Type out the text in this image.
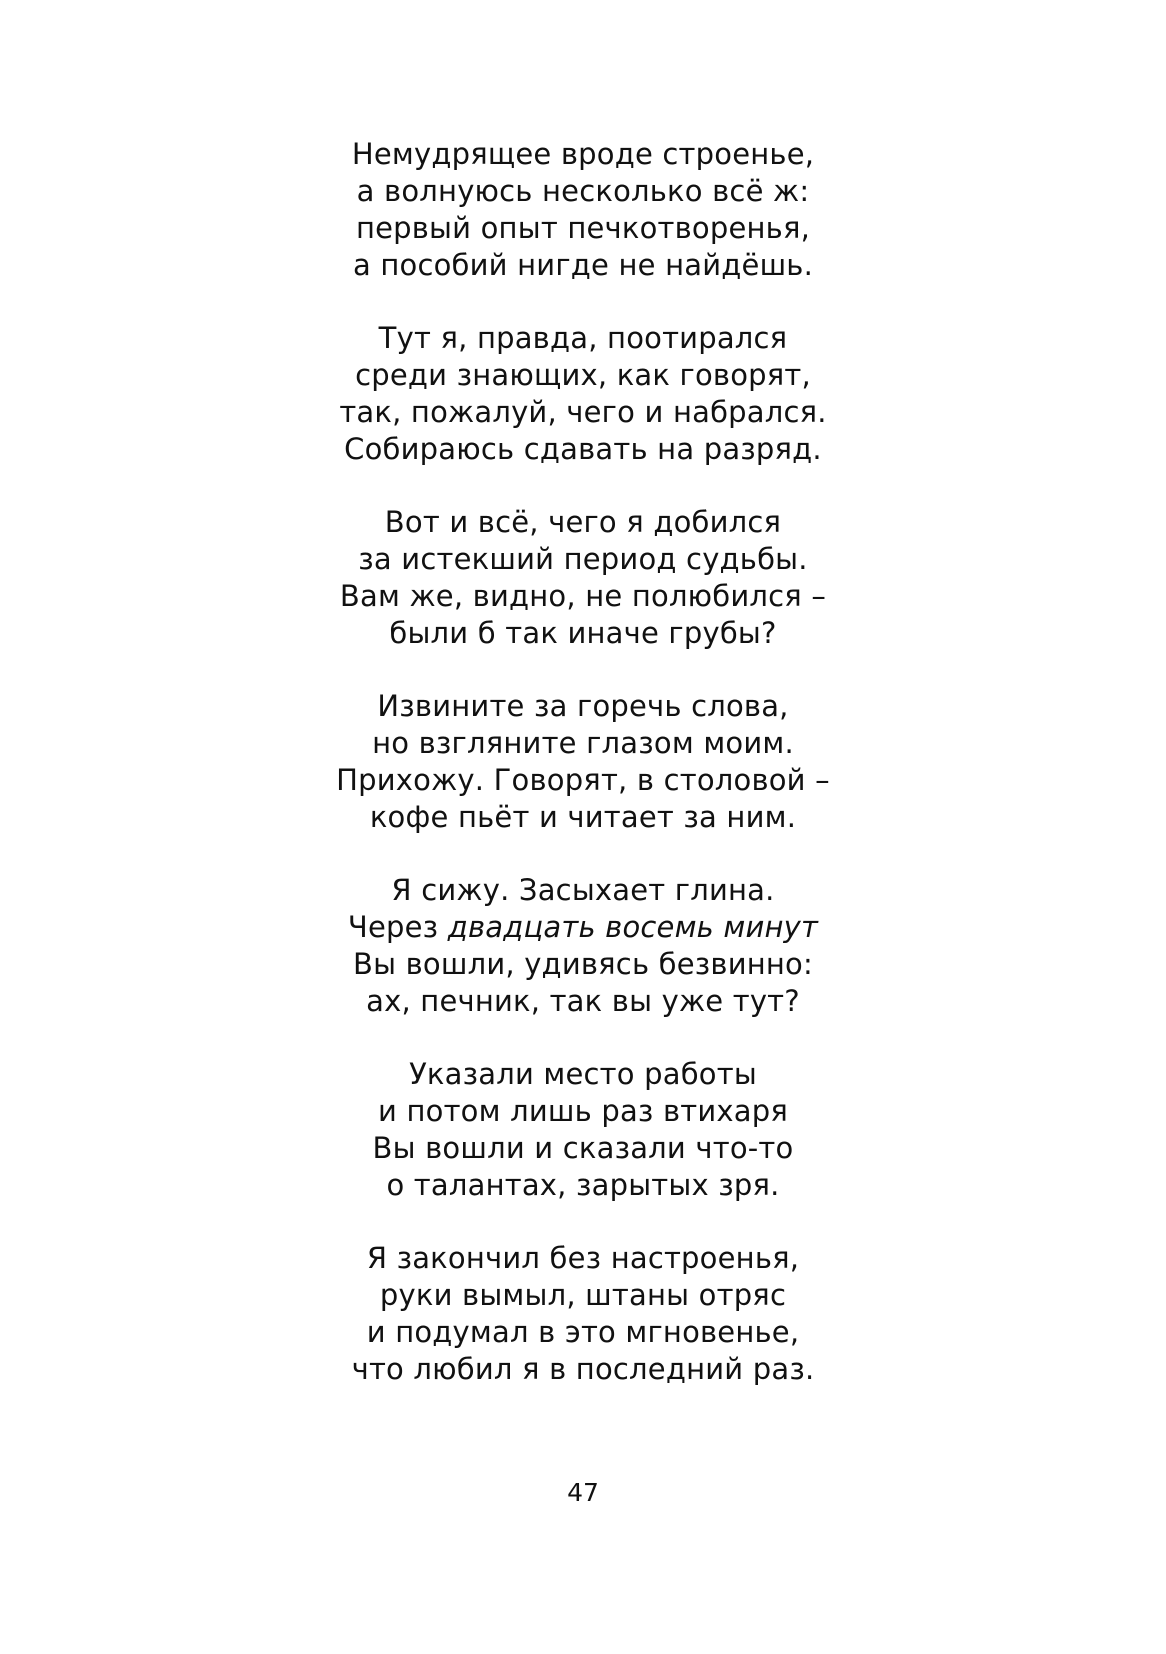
Немудрящее вроде строенье,
а волнуюсь несколько всё ж:
первый опыт печкотворенья,
а пособий нигде не найдёшь.
Тут я, правда, поотирался
среди знающих, как говорят,
так, пожалуй, чего и набрался.
Собираюсь сдавать на разряд.
Вот и всё, чего я добился
за истекший период судьбы.
Вам же, видно, не полюбился –
были б так иначе грубы?
Извините за горечь слова,
но взгляните глазом моим.
Прихожу. Говорят, в столовой –
кофе пьёт и читает за ним.
Я сижу. Засыхает глина.
Через двадцать восемь минут
Вы вошли, удивясь безвинно:
ах, печник, так вы уже тут?
Указали место работы
и потом лишь раз втихаря
Вы вошли и сказали что-то
о талантах, зарытых зря.
Я закончил без настроенья,
руки вымыл, штаны отряс
и подумал в это мгновенье,
что любил я в последний раз.
47
